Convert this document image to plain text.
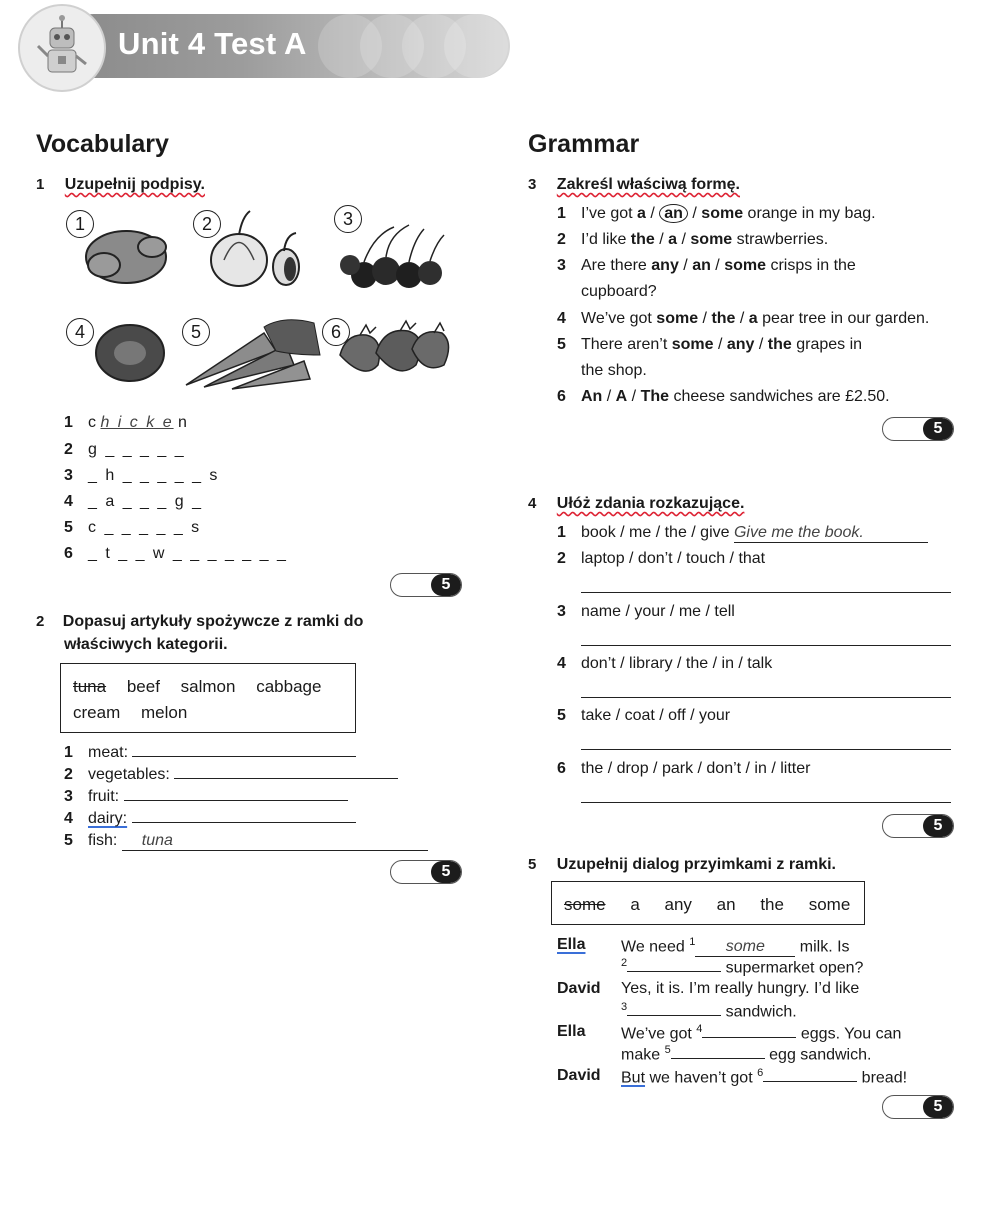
Unit 4 Test A
Vocabulary
1 Uzupełnij podpisy.
1	2	3
4	5	6
1 c h i c k e n
2 g _ _ _ _ _
3 _ h _ _ _ _ _ s
4 _ a _ _ _ g _
5 c _ _ _ _ _ s
6 _ t _ _ w _ _ _ _ _ _ _
5
2 Dopasuj artykuły spożywcze z ramki do
właściwych kategorii.
tuna beef salmon cabbage
cream melon
1 meat:
2 vegetables:
3 fruit:
4 dairy:
5 fish: tuna
5
Grammar
3 Zakreśl właściwą formę.
1 I’ve got a / an / some orange in my bag.
2 I’d like the / a / some strawberries.
3 Are there any / an / some crisps in the
cupboard?
4 We’ve got some / the / a pear tree in our garden.
5 There aren’t some / any / the grapes in
the shop.
6 An / A / The cheese sandwiches are £2.50.
5
4 Ułóż zdania rozkazujące.
1 book / me / the / give Give me the book.
2 laptop / don’t / touch / that
3 name / your / me / tell
4 don’t / library / the / in / talk
5 take / coat / off / your
6 the / drop / park / don’t / in / litter
5
5 Uzupełnij dialog przyimkami z ramki.
some a any an the some
Ella We need $^1$ some milk. Is
$^2$	supermarket open?
David Yes, it is. I’m really hungry. I’d like
$^3$	sandwich.
Ella We’ve got $^4$	eggs. You can
make $^5$	egg sandwich.
David But we haven’t got $^6$	bread!
5
